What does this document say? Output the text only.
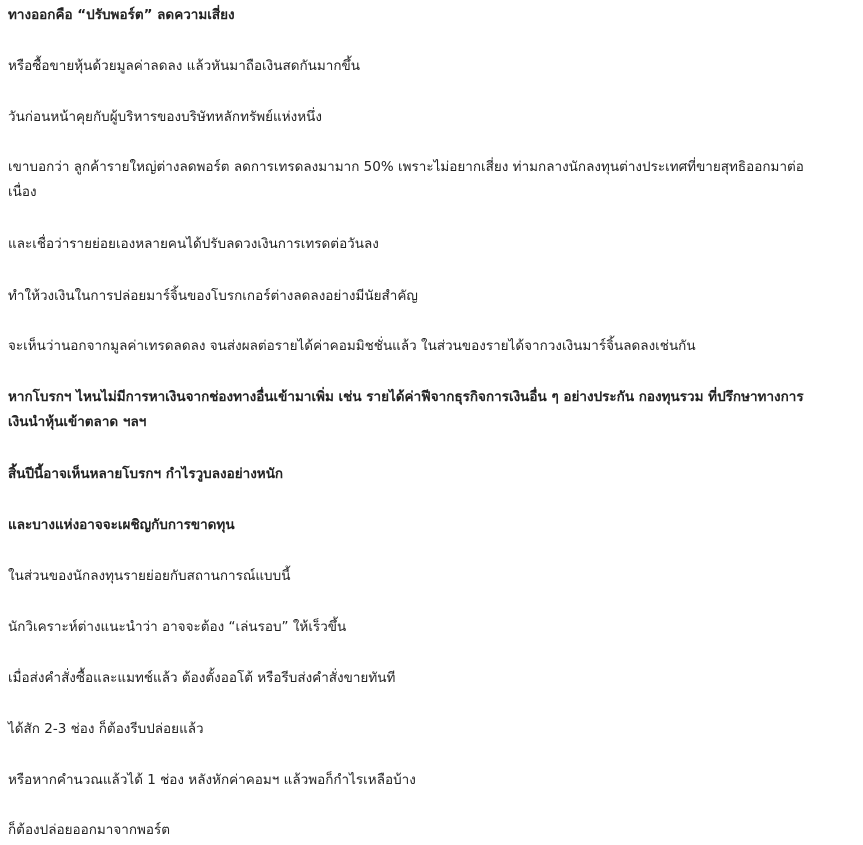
ทางออกคือ “ปรับพอร์ต” ลดความเสี่ยง

หรือซื้อขายหุ้นด้วยมูลค่าลดลง แล้วหันมาถือเงินสดกันมากขึ้น

วันก่อนหน้าคุยกับผู้บริหารของบริษัทหลักทรัพย์แห่งหนึ่ง

เขาบอกว่า ลูกค้ารายใหญ่ต่างลดพอร์ต ลดการเทรดลงมามาก 50% เพราะไม่อยากเสี่ยง ท่ามกลางนักลงทุนต่างประเทศที่ขายสุทธิออกมาต่อเนื่อง

และเชื่อว่ารายย่อยเองหลายคนได้ปรับลดวงเงินการเทรดต่อวันลง

ทำให้วงเงินในการปล่อยมาร์จิ้นของโบรกเกอร์ต่างลดลงอย่างมีนัยสำคัญ

จะเห็นว่านอกจากมูลค่าเทรดลดลง จนส่งผลต่อรายได้ค่าคอมมิชชั่นแล้ว ในส่วนของรายได้จากวงเงินมาร์จิ้นลดลงเช่นกัน

หากโบรกฯ ไหนไม่มีการหาเงินจากช่องทางอื่นเข้ามาเพิ่ม เช่น รายได้ค่าฟีจากธุรกิจการเงินอื่น ๆ อย่างประกัน กองทุนรวม ที่ปรึกษาทางการเงินนำหุ้นเข้าตลาด ฯลฯ

สิ้นปีนี้อาจเห็นหลายโบรกฯ กำไรวูบลงอย่างหนัก

และบางแห่งอาจจะเผชิญกับการขาดทุน

ในส่วนของนักลงทุนรายย่อยกับสถานการณ์แบบนี้

นักวิเคราะห์ต่างแนะนำว่า อาจจะต้อง “เล่นรอบ” ให้เร็วขึ้น

เมื่อส่งคำสั่งซื้อและแมทช์แล้ว ต้องตั้งออโต้ หรือรีบส่งคำสั่งขายทันที

ได้สัก 2-3 ช่อง ก็ต้องรีบปล่อยแล้ว

หรือหากคำนวณแล้วได้ 1 ช่อง หลังหักค่าคอมฯ แล้วพอก็กำไรเหลือบ้าง

ก็ต้องปล่อยออกมาจากพอร์ต
